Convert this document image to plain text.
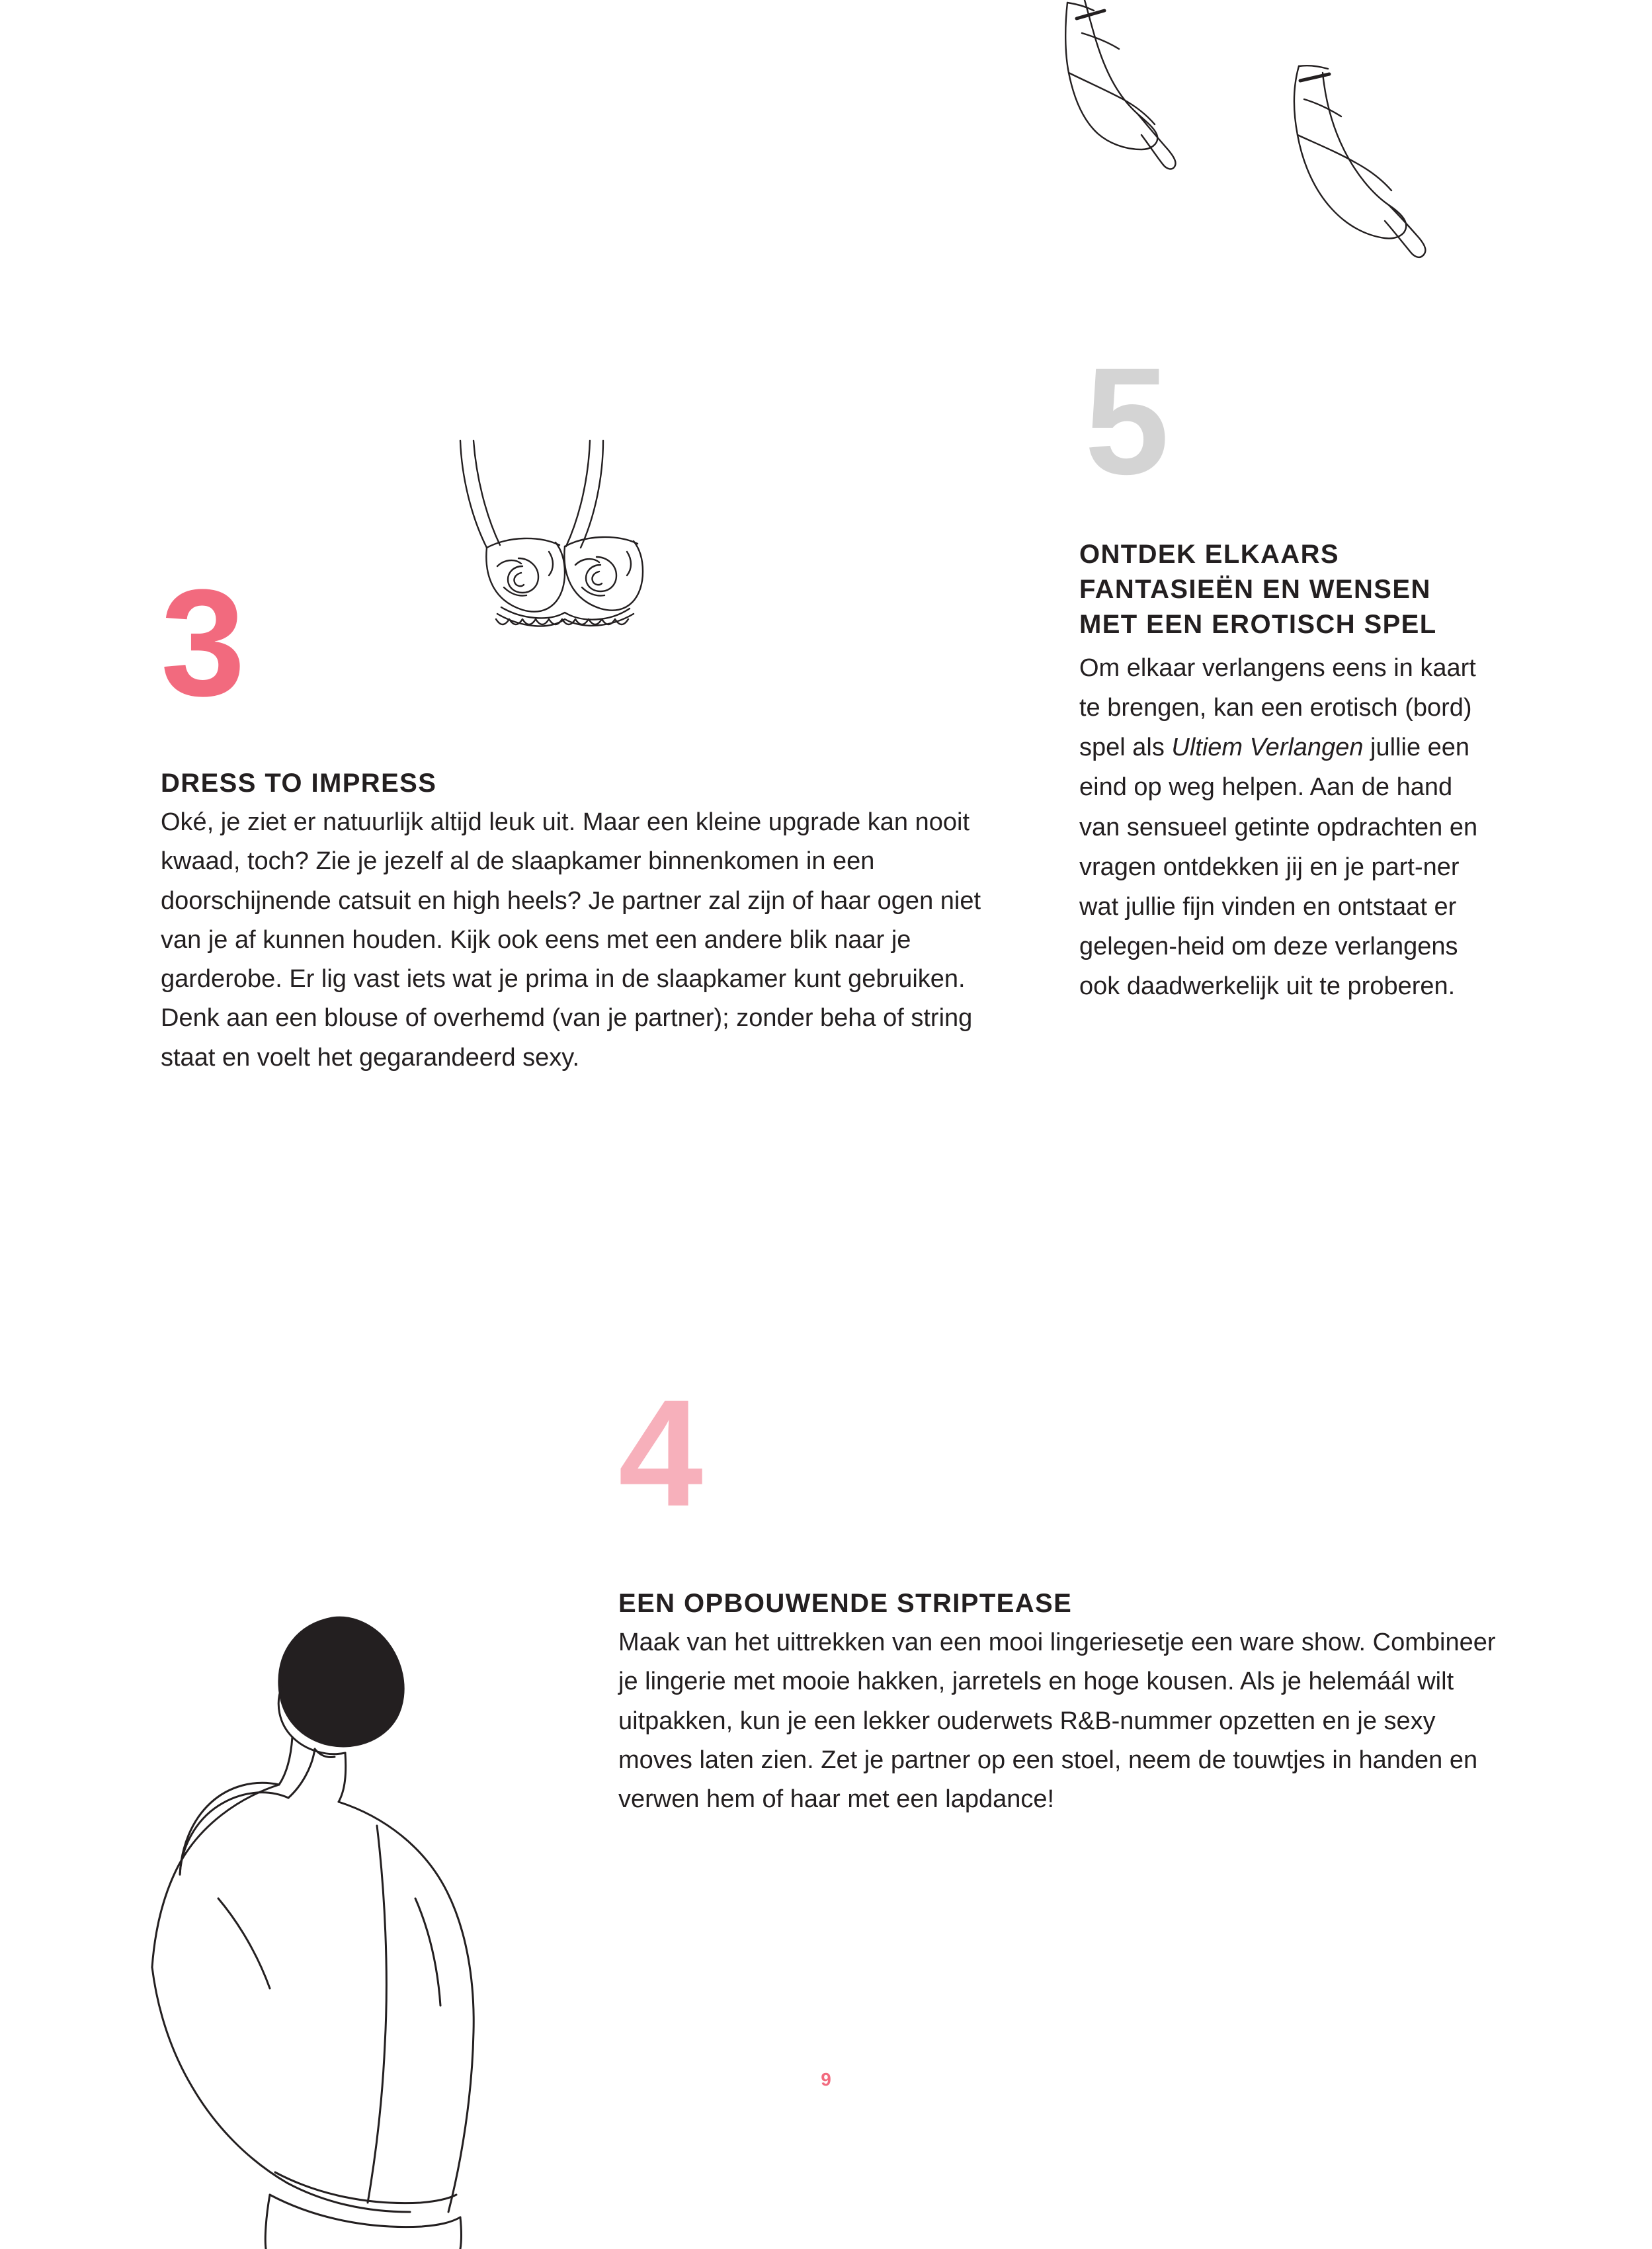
3
DRESS TO IMPRESS

Oké, je ziet er natuurlijk altijd leuk uit. Maar een kleine upgrade kan nooit kwaad, toch? Zie je jezelf al de slaapkamer binnenkomen in een doorschijnende catsuit en high heels? Je partner zal zijn of haar ogen niet van je af kunnen houden. Kijk ook eens met een andere blik naar je garderobe. Er lig vast iets wat je prima in de slaapkamer kunt gebruiken. Denk aan een blouse of overhemd (van je partner); zonder beha of string staat en voelt het gegarandeerd sexy.

5
ONTDEK ELKAARS FANTASIEËN EN WENSEN MET EEN EROTISCH SPEL

Om elkaar verlangens eens in kaart te brengen, kan een erotisch (bord) spel als Ultiem Verlangen jullie een eind op weg helpen. Aan de hand van sensueel getinte opdrachten en vragen ontdekken jij en je part-ner wat jullie fijn vinden en ontstaat er gelegen-heid om deze verlangens ook daadwerkelijk uit te proberen.

4
EEN OPBOUWENDE STRIPTEASE

Maak van het uittrekken van een mooi lingeriesetje een ware show. Combineer je lingerie met mooie hakken, jarretels en hoge kousen. Als je helemáál wilt uitpakken, kun je een lekker ouderwets R&B-nummer opzetten en je sexy moves laten zien. Zet je partner op een stoel, neem de touwtjes in handen en verwen hem of haar met een lapdance!

9
